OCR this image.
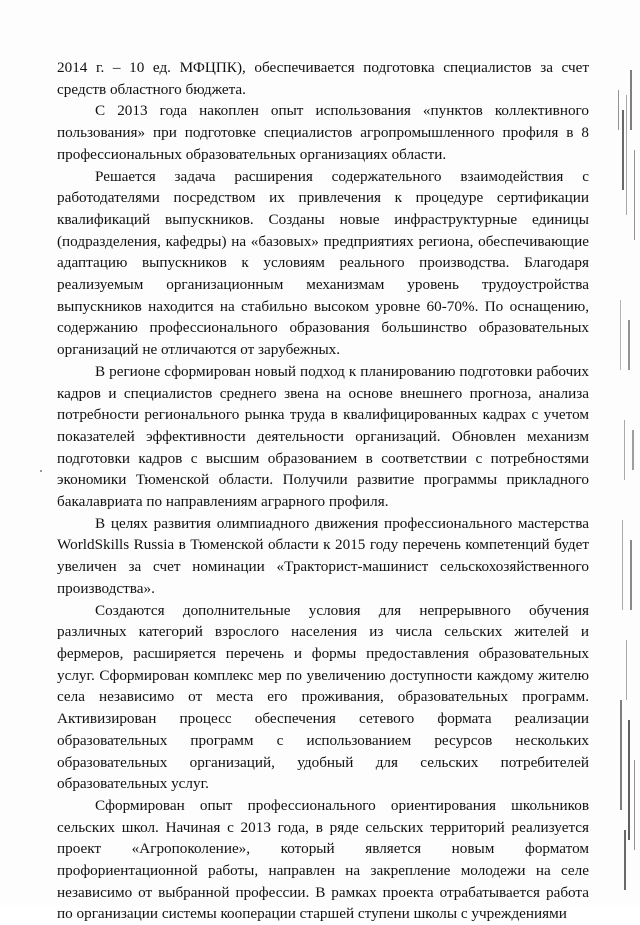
2014 г. – 10 ед. МФЦПК), обеспечивается подготовка специалистов за счет средств областного бюджета.

С 2013 года накоплен опыт использования «пунктов коллективного пользования» при подготовке специалистов агропромышленного профиля в 8 профессиональных образовательных организациях области.

Решается задача расширения содержательного взаимодействия с работодателями посредством их привлечения к процедуре сертификации квалификаций выпускников. Созданы новые инфраструктурные единицы (подразделения, кафедры) на «базовых» предприятиях региона, обеспечивающие адаптацию выпускников к условиям реального производства. Благодаря реализуемым организационным механизмам уровень трудоустройства выпускников находится на стабильно высоком уровне 60-70%. По оснащению, содержанию профессионального образования большинство образовательных организаций не отличаются от зарубежных.

В регионе сформирован новый подход к планированию подготовки рабочих кадров и специалистов среднего звена на основе внешнего прогноза, анализа потребности регионального рынка труда в квалифицированных кадрах с учетом показателей эффективности деятельности организаций. Обновлен механизм подготовки кадров с высшим образованием в соответствии с потребностями экономики Тюменской области. Получили развитие программы прикладного бакалавриата по направлениям аграрного профиля.

В целях развития олимпиадного движения профессионального мастерства WorldSkills Russia в Тюменской области к 2015 году перечень компетенций будет увеличен за счет номинации «Тракторист-машинист сельскохозяйственного производства».

Создаются дополнительные условия для непрерывного обучения различных категорий взрослого населения из числа сельских жителей и фермеров, расширяется перечень и формы предоставления образовательных услуг. Сформирован комплекс мер по увеличению доступности каждому жителю села независимо от места его проживания, образовательных программ. Активизирован процесс обеспечения сетевого формата реализации образовательных программ с использованием ресурсов нескольких образовательных организаций, удобный для сельских потребителей образовательных услуг.

Сформирован опыт профессионального ориентирования школьников сельских школ. Начиная с 2013 года, в ряде сельских территорий реализуется проект «Агропоколение», который является новым форматом профориентационной работы, направлен на закрепление молодежи на селе независимо от выбранной профессии. В рамках проекта отрабатывается работа по организации системы кооперации старшей ступени школы с учреждениями
